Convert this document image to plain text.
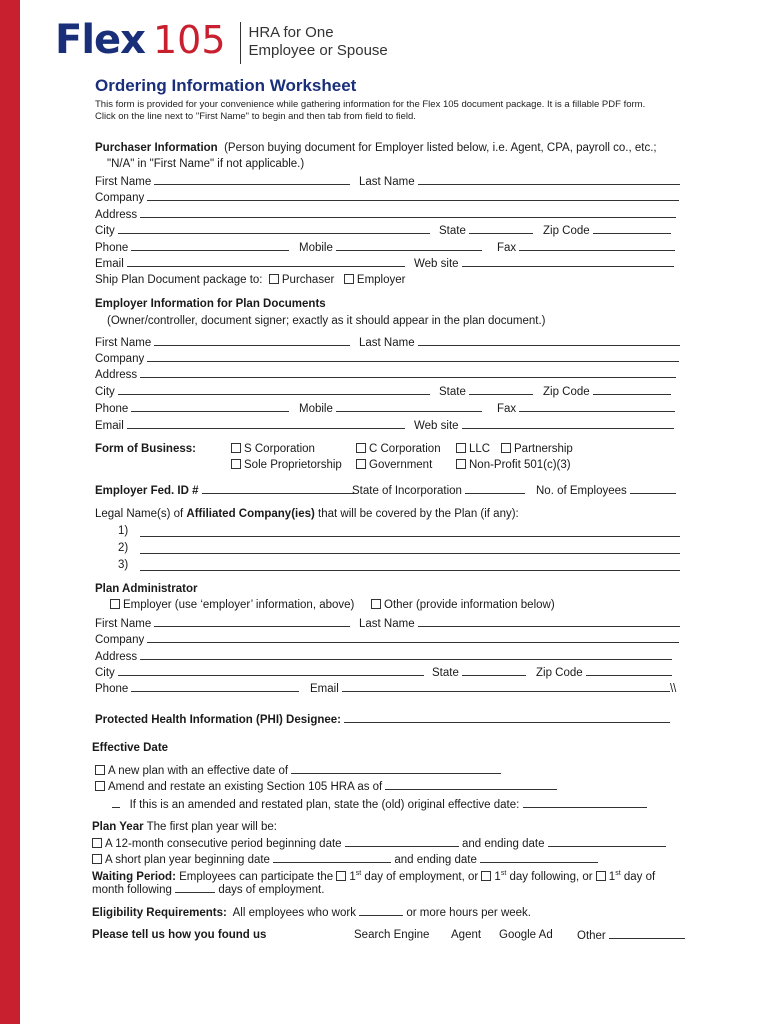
Flex 105 HRA for One
Employee or Spouse
Ordering Information Worksheet
This form is provided for your convenience while gathering information for the Flex 105 document package. It is a fillable PDF form. Click on the line next to "First Name" to begin and then tab from field to field.
Purchaser Information (Person buying document for Employer listed below, i.e. Agent, CPA, payroll co., etc.;
"N/A" in "First Name" if not applicable.)
First Name	Last Name
Company
Address
City	State	Zip Code
Phone	Mobile	Fax
Email	Web site
Ship Plan Document package to: Purchaser Employer
Employer Information for Plan Documents
(Owner/controller, document signer; exactly as it should appear in the plan document.)
First Name	Last Name
Company
Address
City	State	Zip Code
Phone	Mobile	Fax
Email	Web site
Form of Business:	S Corporation	C Corporation	LLC	Partnership
Sole Proprietorship	Government	Non-Profit 501(c)(3)
Employer Fed. ID #	State of Incorporation	No. of Employees
Legal Name(s) of Affiliated Company(ies) that will be covered by the Plan (if any):
1)
2)
3)
Plan Administrator
Employer (use ‘employer’ information, above)	Other (provide information below)
First Name	Last Name
Company
Address
City	State	Zip Code
Phone	Email	\\
Protected Health Information (PHI) Designee:
Effective Date
A new plan with an effective date of
Amend and restate an existing Section 105 HRA as of
If this is an amended and restated plan, state the (old) original effective date:
Plan Year The first plan year will be:
A 12-month consecutive period beginning date	and ending date
A short plan year beginning date	and ending date
Waiting Period: Employees can participate the 1st day of employment, or 1st day following, or 1st day of
month following	days of employment.
Eligibility Requirements: All employees who work	or more hours per week.
Please tell us how you found us	Search Engine Agent Google Ad Other
